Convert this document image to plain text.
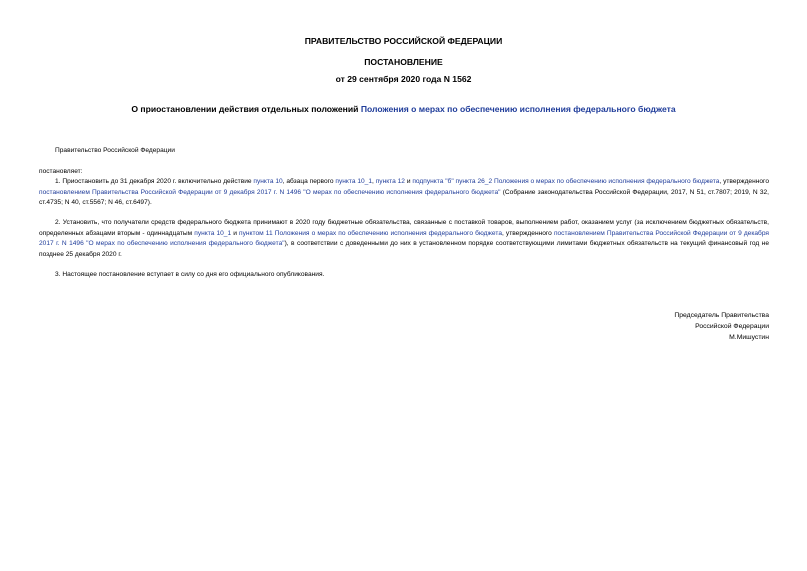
ПРАВИТЕЛЬСТВО РОССИЙСКОЙ ФЕДЕРАЦИИ
ПОСТАНОВЛЕНИЕ
от 29 сентября 2020 года N 1562
О приостановлении действия отдельных положений Положения о мерах по обеспечению исполнения федерального бюджета
Правительство Российской Федерации
постановляет:
1. Приостановить до 31 декабря 2020 г. включительно действие пункта 10, абзаца первого пункта 10_1, пункта 12 и подпункта "б" пункта 26_2 Положения о мерах по обеспечению исполнения федерального бюджета, утвержденного постановлением Правительства Российской Федерации от 9 декабря 2017 г. N 1496 "О мерах по обеспечению исполнения федерального бюджета" (Собрание законодательства Российской Федерации, 2017, N 51, ст.7807; 2019, N 32, ст.4735; N 40, ст.5567; N 46, ст.6497).
2. Установить, что получатели средств федерального бюджета принимают в 2020 году бюджетные обязательства, связанные с поставкой товаров, выполнением работ, оказанием услуг (за исключением бюджетных обязательств, определенных абзацами вторым - одиннадцатым пункта 10_1 и пунктом 11 Положения о мерах по обеспечению исполнения федерального бюджета, утвержденного постановлением Правительства Российской Федерации от 9 декабря 2017 г. N 1496 "О мерах по обеспечению исполнения федерального бюджета"), в соответствии с доведенными до них в установленном порядке соответствующими лимитами бюджетных обязательств на текущий финансовый год не позднее 25 декабря 2020 г.
3. Настоящее постановление вступает в силу со дня его официального опубликования.
Председатель Правительства
Российской Федерации
М.Мишустин
